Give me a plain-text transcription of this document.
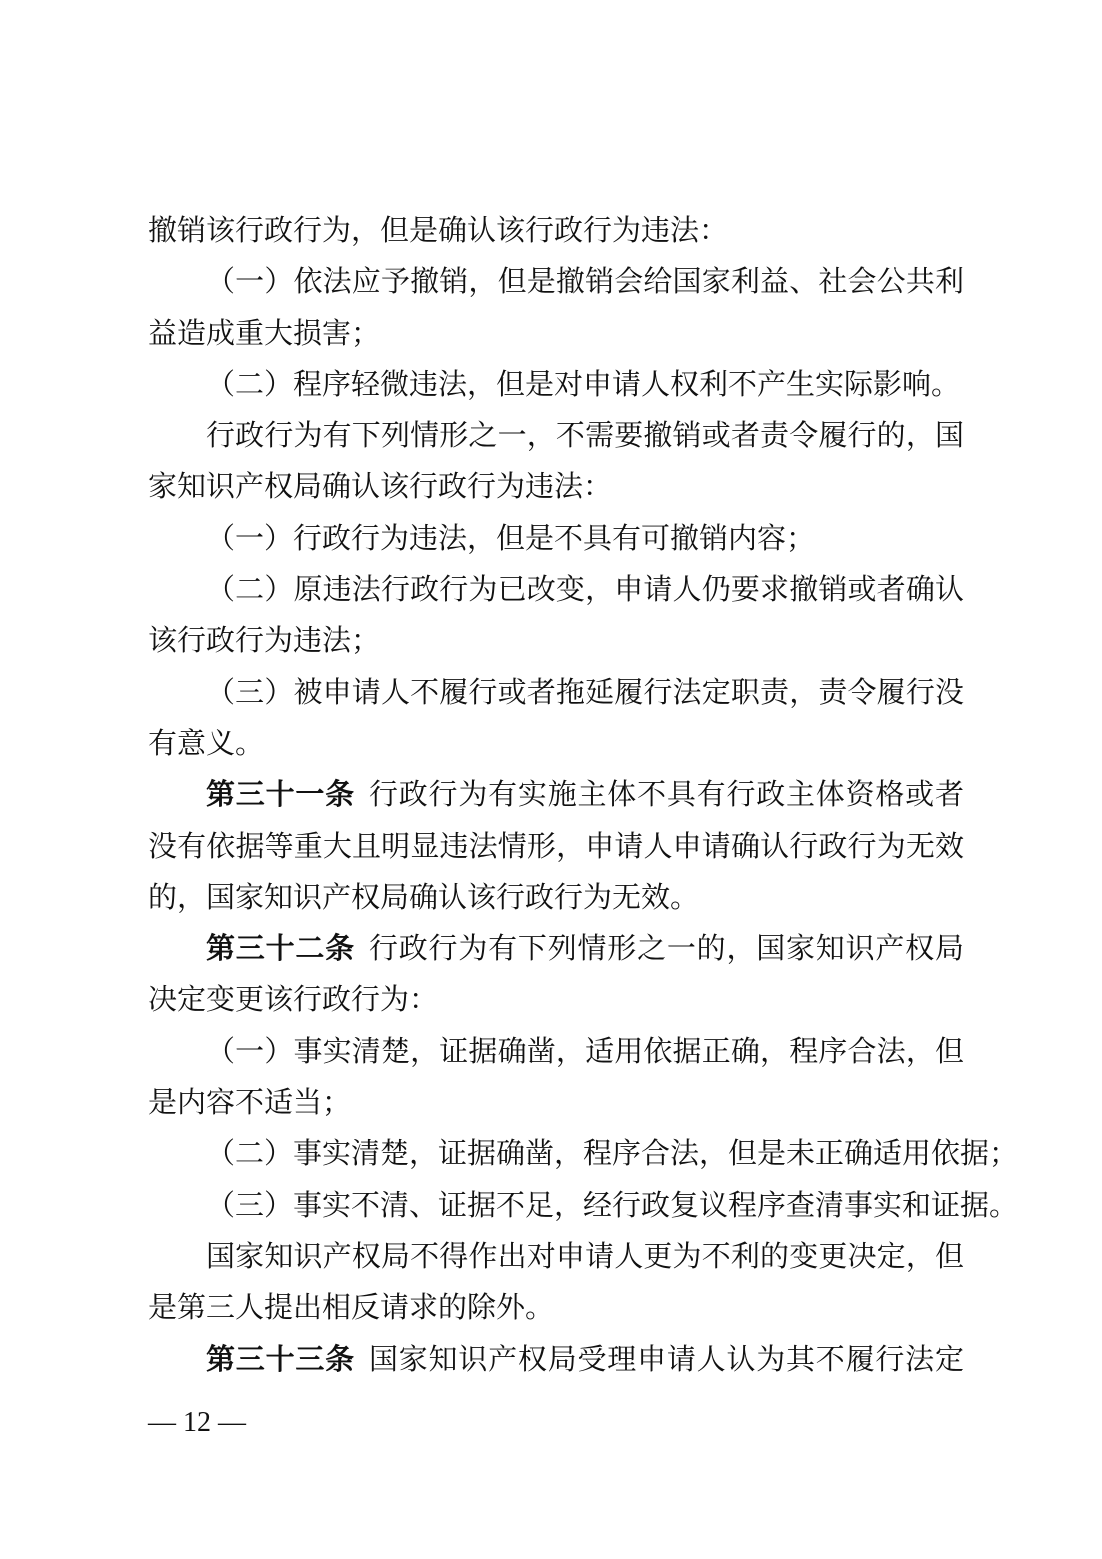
撤销该行政行为，但是确认该行政行为违法：
（一）依法应予撤销，但是撤销会给国家利益、社会公共利
益造成重大损害；
（二）程序轻微违法，但是对申请人权利不产生实际影响。
行政行为有下列情形之一，不需要撤销或者责令履行的，国
家知识产权局确认该行政行为违法：
（一）行政行为违法，但是不具有可撤销内容；
（二）原违法行政行为已改变，申请人仍要求撤销或者确认
该行政行为违法；
（三）被申请人不履行或者拖延履行法定职责，责令履行没
有意义。
第三十一条 行政行为有实施主体不具有行政主体资格或者
没有依据等重大且明显违法情形，申请人申请确认行政行为无效
的，国家知识产权局确认该行政行为无效。
第三十二条 行政行为有下列情形之一的，国家知识产权局
决定变更该行政行为：
（一）事实清楚，证据确凿，适用依据正确，程序合法，但
是内容不适当；
（二）事实清楚，证据确凿，程序合法，但是未正确适用依据；
（三）事实不清、证据不足，经行政复议程序查清事实和证据。
国家知识产权局不得作出对申请人更为不利的变更决定，但
是第三人提出相反请求的除外。
第三十三条 国家知识产权局受理申请人认为其不履行法定
— 12 —
